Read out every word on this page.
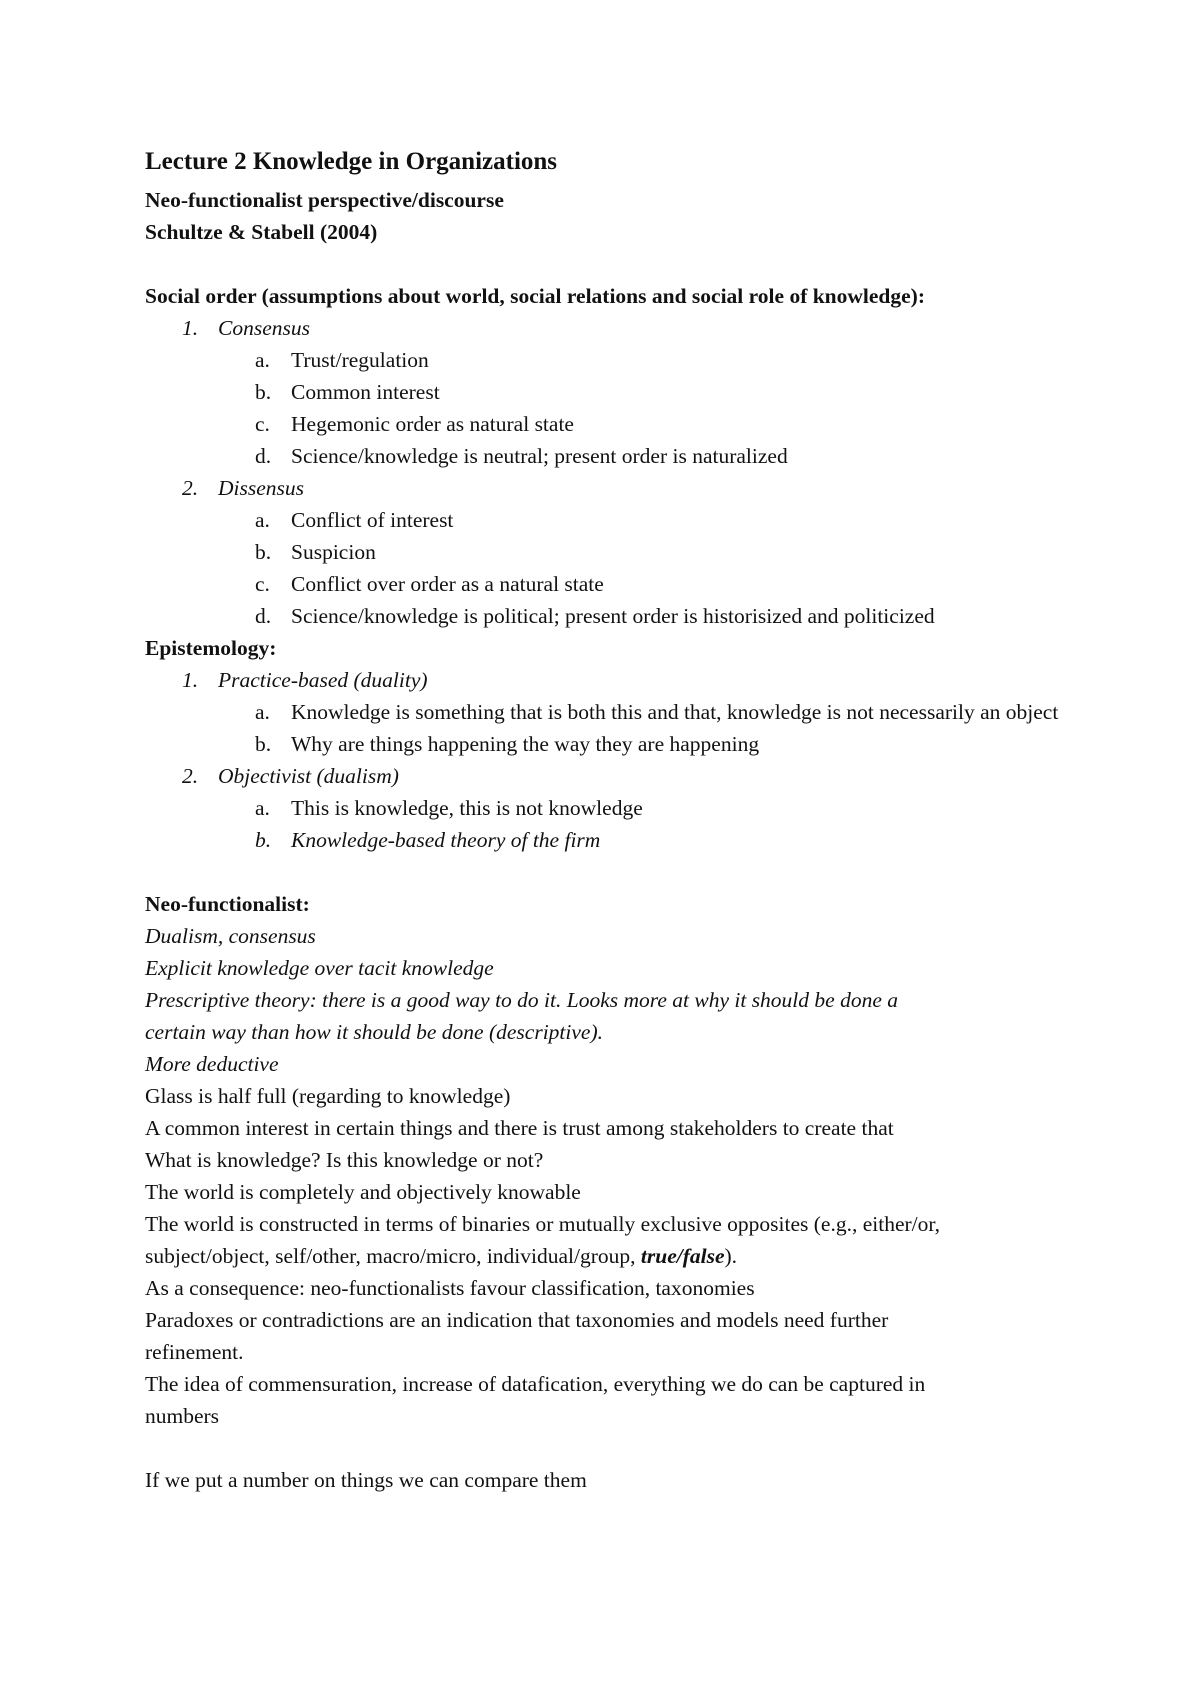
Lecture 2 Knowledge in Organizations
Neo-functionalist perspective/discourse
Schultze & Stabell (2004)
Social order (assumptions about world, social relations and social role of knowledge):
1. Consensus
a. Trust/regulation
b. Common interest
c. Hegemonic order as natural state
d. Science/knowledge is neutral; present order is naturalized
2. Dissensus
a. Conflict of interest
b. Suspicion
c. Conflict over order as a natural state
d. Science/knowledge is political; present order is historisized and politicized
Epistemology:
1. Practice-based (duality)
a. Knowledge is something that is both this and that, knowledge is not necessarily an object
b. Why are things happening the way they are happening
2. Objectivist (dualism)
a. This is knowledge, this is not knowledge
b. Knowledge-based theory of the firm
Neo-functionalist:

Dualism, consensus

Explicit knowledge over tacit knowledge

Prescriptive theory: there is a good way to do it. Looks more at why it should be done a certain way than how it should be done (descriptive).

More deductive

Glass is half full (regarding to knowledge)

A common interest in certain things and there is trust among stakeholders to create that

What is knowledge? Is this knowledge or not?

The world is completely and objectively knowable

The world is constructed in terms of binaries or mutually exclusive opposites (e.g., either/or, subject/object, self/other, macro/micro, individual/group, true/false).

As a consequence: neo-functionalists favour classification, taxonomies

Paradoxes or contradictions are an indication that taxonomies and models need further refinement.

The idea of commensuration, increase of datafication, everything we do can be captured in numbers

If we put a number on things we can compare them
